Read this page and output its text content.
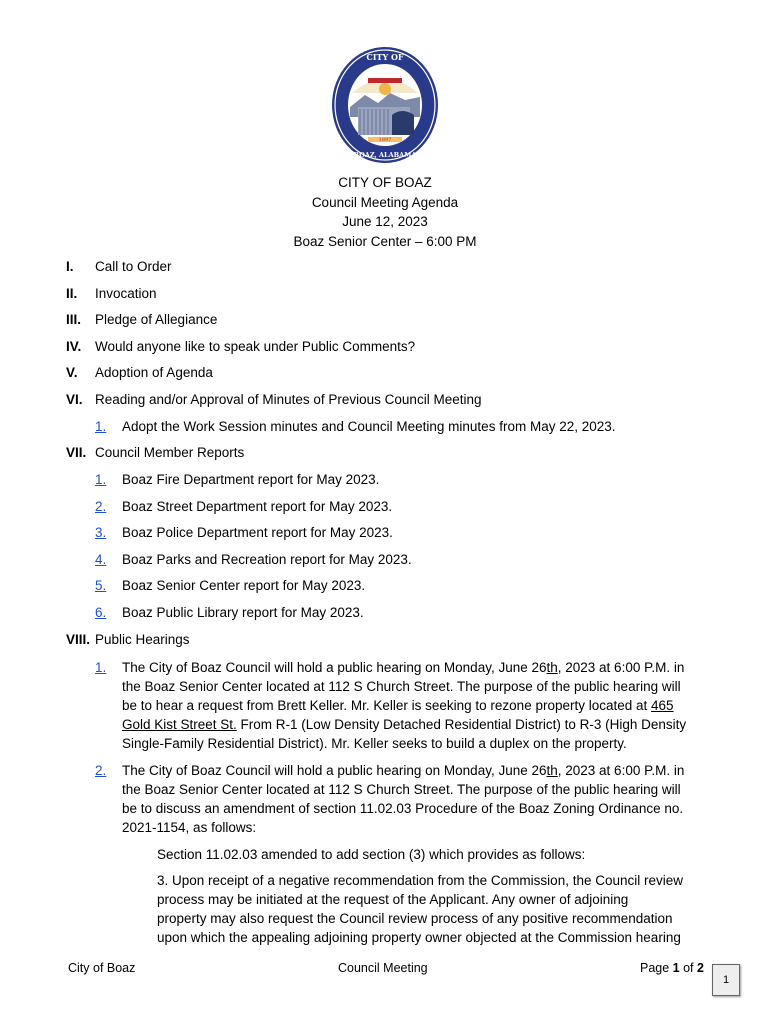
CITY OF
1897
BOAZ, ALABAMA
CITY OF BOAZ
Council Meeting Agenda
June 12, 2023
Boaz Senior Center – 6:00 PM
I. Call to Order
II. Invocation
III. Pledge of Allegiance
IV. Would anyone like to speak under Public Comments?
V. Adoption of Agenda
VI. Reading and/or Approval of Minutes of Previous Council Meeting
1. Adopt the Work Session minutes and Council Meeting minutes from May 22, 2023.
VII. Council Member Reports
1. Boaz Fire Department report for May 2023.
2. Boaz Street Department report for May 2023.
3. Boaz Police Department report for May 2023.
4. Boaz Parks and Recreation report for May 2023.
5. Boaz Senior Center report for May 2023.
6. Boaz Public Library report for May 2023.
VIII. Public Hearings
1. The City of Boaz Council will hold a public hearing on Monday, June 26th, 2023 at 6:00 P.M. in
the Boaz Senior Center located at 112 S Church Street. The purpose of the public hearing will
be to hear a request from Brett Keller. Mr. Keller is seeking to rezone property located at 465
Gold Kist Street St. From R-1 (Low Density Detached Residential District) to R-3 (High Density
Single-Family Residential District). Mr. Keller seeks to build a duplex on the property.
2. The City of Boaz Council will hold a public hearing on Monday, June 26th, 2023 at 6:00 P.M. in
the Boaz Senior Center located at 112 S Church Street. The purpose of the public hearing will
be to discuss an amendment of section 11.02.03 Procedure of the Boaz Zoning Ordinance no.
2021-1154, as follows:
Section 11.02.03 amended to add section (3) which provides as follows:
3. Upon receipt of a negative recommendation from the Commission, the Council review
process may be initiated at the request of the Applicant. Any owner of adjoining
property may also request the Council review process of any positive recommendation
upon which the appealing adjoining property owner objected at the Commission hearing
City of Boaz	Council Meeting	Page 1 of 2
1
